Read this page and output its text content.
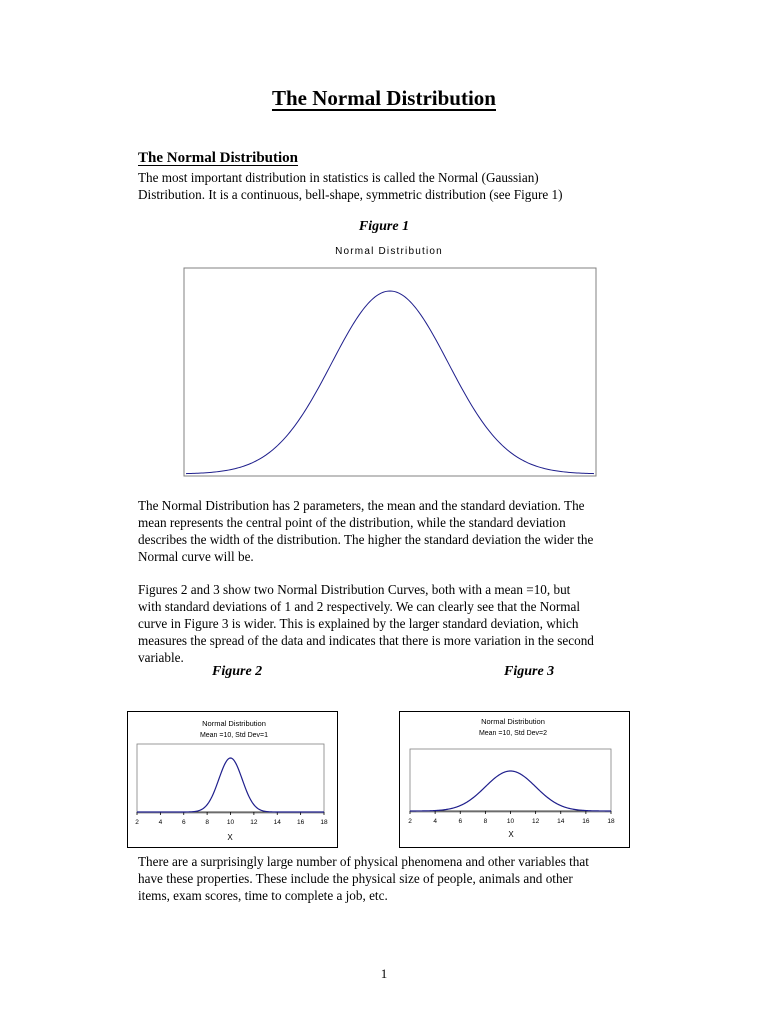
The Normal Distribution
The Normal Distribution
The most important distribution in statistics is called the Normal (Gaussian)
Distribution. It is a continuous, bell-shape, symmetric distribution (see Figure 1)
Figure 1
Normal Distribution
The Normal Distribution has 2 parameters, the mean and the standard deviation. The
mean represents the central point of the distribution, while the standard deviation
describes the width of the distribution. The higher the standard deviation the wider the
Normal curve will be.
Figures 2 and 3 show two Normal Distribution Curves, both with a mean =10, but
with standard deviations of 1 and 2 respectively. We can clearly see that the Normal
curve in Figure 3 is wider. This is explained by the larger standard deviation, which
measures the spread of the data and indicates that there is more variation in the second
variable.
Figure 2	Figure 3
Normal Distribution
Mean =10, Std Dev=1
2	4	6	8	10 12 14 16 18
X
Normal Distribution
Mean =10, Std Dev=2
2	4	6	8	10	12	14	16	18
X
There are a surprisingly large number of physical phenomena and other variables that
have these properties. These include the physical size of people, animals and other
items, exam scores, time to complete a job, etc.
1
